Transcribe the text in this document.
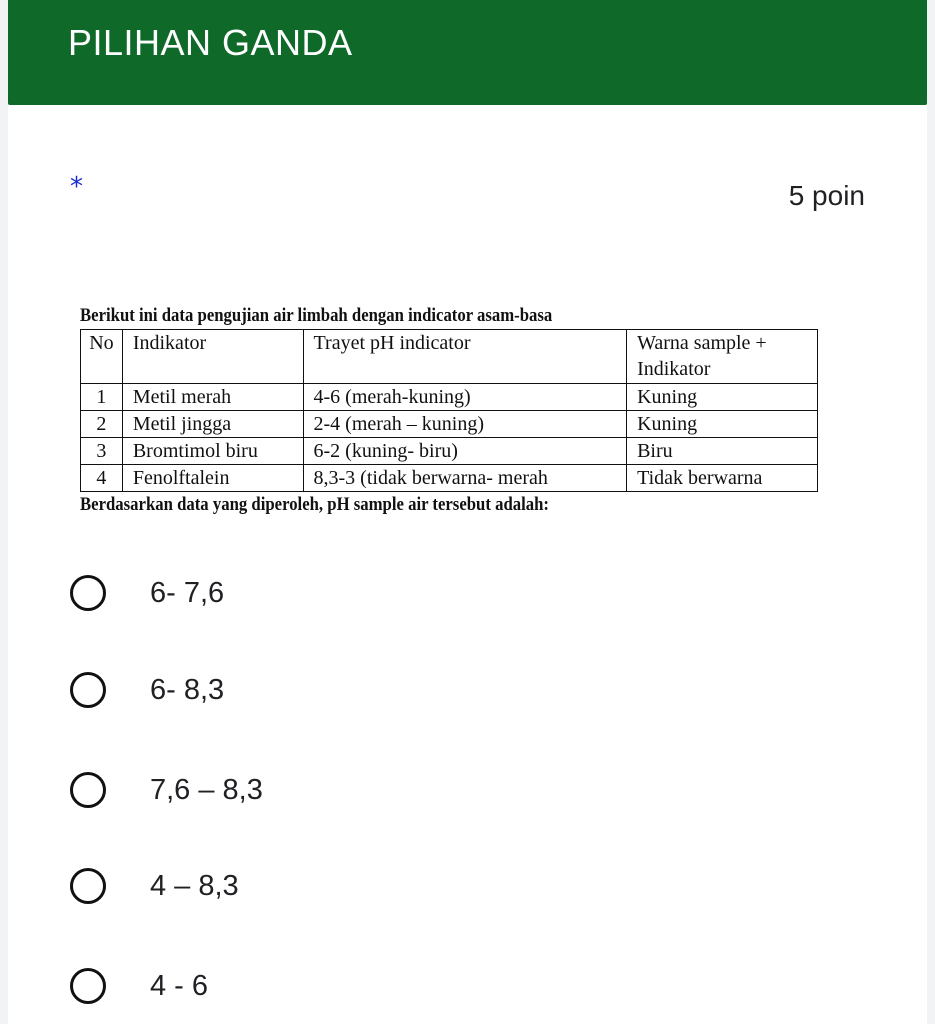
PILIHAN GANDA
*	5 poin
Berikut ini data pengujian air limbah dengan indicator asam-basa
No	Indikator	Trayet pH indicator	Warna sample + Indikator
1	Metil merah	4-6 (merah-kuning)	Kuning
2	Metil jingga	2-4 (merah – kuning)	Kuning
3	Bromtimol biru	6-2 (kuning- biru)	Biru
4	Fenolftalein	8,3-3 (tidak berwarna- merah	Tidak berwarna
Berdasarkan data yang diperoleh, pH sample air tersebut adalah:
6- 7,6
6- 8,3
7,6 – 8,3
4 – 8,3
4 - 6
